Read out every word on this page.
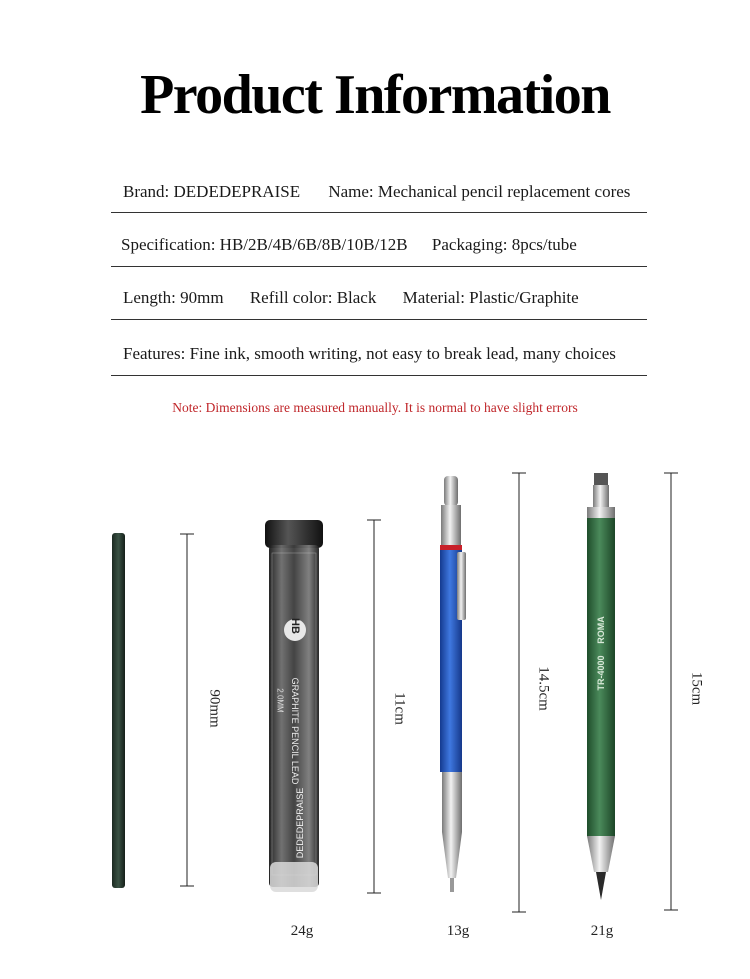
Product Information
Brand: DEDEDEPRAISE Name: Mechanical pencil replacement cores
Specification: HB/2B/4B/6B/8B/10B/12B Packaging: 8pcs/tube
Length: 90mm Refill color: Black Material: Plastic/Graphite
Features: Fine ink, smooth writing, not easy to break lead, many choices
Note: Dimensions are measured manually. It is normal to have slight errors
HB
GRAPHITE PENCIL LEAD
2.0MM
DEDEDEPRAISE
TR-4000
ROMA
90mm	11cm	14.5cm	15cm
24g	13g	21g
